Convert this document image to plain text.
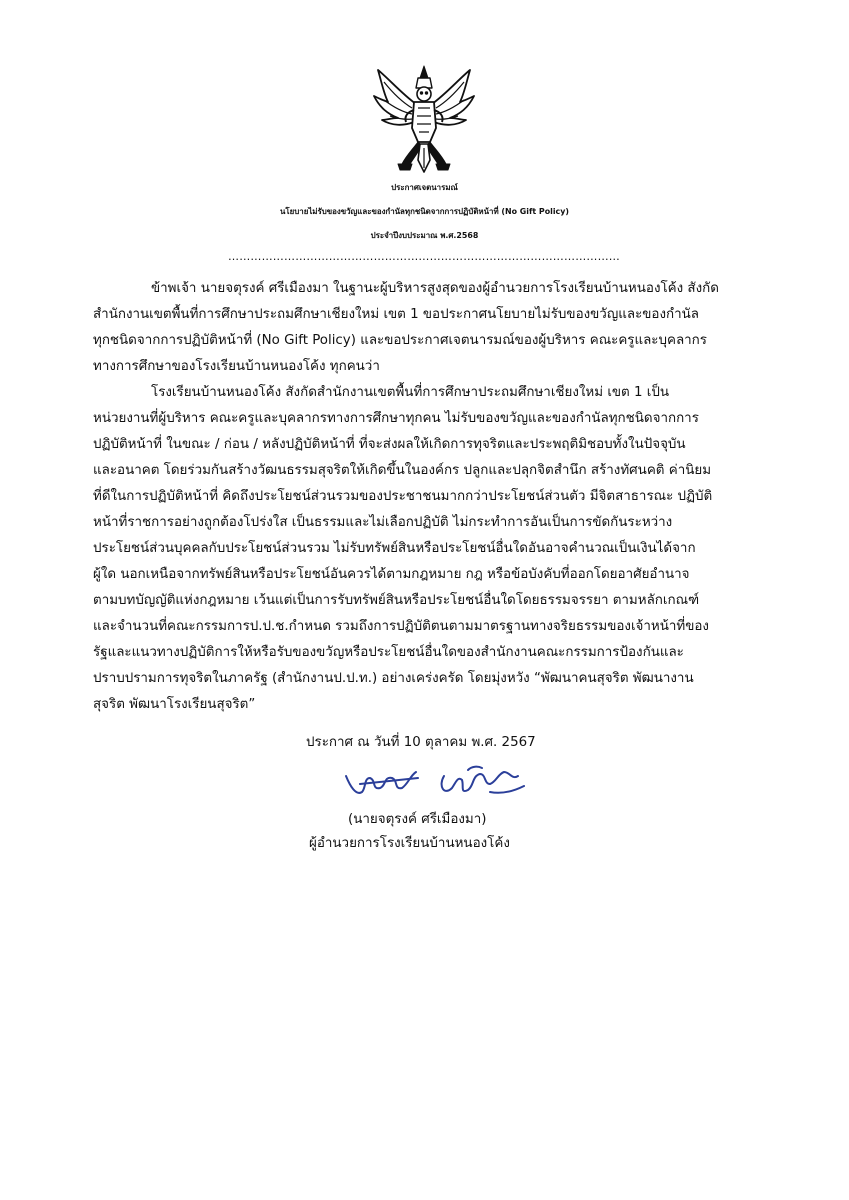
ประกาศเจตนารมณ์
นโยบายไม่รับของขวัญและของกำนัลทุกชนิดจากการปฏิบัติหน้าที่ (No Gift Policy)
ประจำปีงบประมาณ พ.ศ.2568
……………………………………………………………………………………………
ข้าพเจ้า นายจตุรงค์ ศรีเมืองมา ในฐานะผู้บริหารสูงสุดของผู้อำนวยการโรงเรียนบ้านหนองโค้ง สังกัด
สำนักงานเขตพื้นที่การศึกษาประถมศึกษาเชียงใหม่ เขต 1 ขอประกาศนโยบายไม่รับของขวัญและของกำนัล
ทุกชนิดจากการปฏิบัติหน้าที่ (No Gift Policy) และขอประกาศเจตนารมณ์ของผู้บริหาร คณะครูและบุคลากร
ทางการศึกษาของโรงเรียนบ้านหนองโค้ง ทุกคนว่า
โรงเรียนบ้านหนองโค้ง สังกัดสำนักงานเขตพื้นที่การศึกษาประถมศึกษาเชียงใหม่ เขต 1 เป็น
หน่วยงานที่ผู้บริหาร คณะครูและบุคลากรทางการศึกษาทุกคน ไม่รับของขวัญและของกำนัลทุกชนิดจากการ
ปฏิบัติหน้าที่ ในขณะ / ก่อน / หลังปฏิบัติหน้าที่ ที่จะส่งผลให้เกิดการทุจริตและประพฤติมิชอบทั้งในปัจจุบัน
และอนาคต โดยร่วมกันสร้างวัฒนธรรมสุจริตให้เกิดขึ้นในองค์กร ปลูกและปลุกจิตสำนึก สร้างทัศนคติ ค่านิยม
ที่ดีในการปฏิบัติหน้าที่ คิดถึงประโยชน์ส่วนรวมของประชาชนมากกว่าประโยชน์ส่วนตัว มีจิตสาธารณะ ปฏิบัติ
หน้าที่ราชการอย่างถูกต้องโปร่งใส เป็นธรรมและไม่เลือกปฏิบัติ ไม่กระทำการอันเป็นการขัดกันระหว่าง
ประโยชน์ส่วนบุคคลกับประโยชน์ส่วนรวม ไม่รับทรัพย์สินหรือประโยชน์อื่นใดอันอาจคำนวณเป็นเงินได้จาก
ผู้ใด นอกเหนือจากทรัพย์สินหรือประโยชน์อันควรได้ตามกฎหมาย กฎ หรือข้อบังคับที่ออกโดยอาศัยอำนาจ
ตามบทบัญญัติแห่งกฎหมาย เว้นแต่เป็นการรับทรัพย์สินหรือประโยชน์อื่นใดโดยธรรมจรรยา ตามหลักเกณฑ์
และจำนวนที่คณะกรรมการป.ป.ช.กำหนด รวมถึงการปฏิบัติตนตามมาตรฐานทางจริยธรรมของเจ้าหน้าที่ของ
รัฐและแนวทางปฏิบัติการให้หรือรับของขวัญหรือประโยชน์อื่นใดของสำนักงานคณะกรรมการป้องกันและ
ปราบปรามการทุจริตในภาครัฐ (สำนักงานป.ป.ท.) อย่างเคร่งครัด โดยมุ่งหวัง “พัฒนาคนสุจริต พัฒนางาน
สุจริต พัฒนาโรงเรียนสุจริต”
ประกาศ ณ วันที่ 10 ตุลาคม พ.ศ. 2567
(นายจตุรงค์ ศรีเมืองมา)
ผู้อำนวยการโรงเรียนบ้านหนองโค้ง
